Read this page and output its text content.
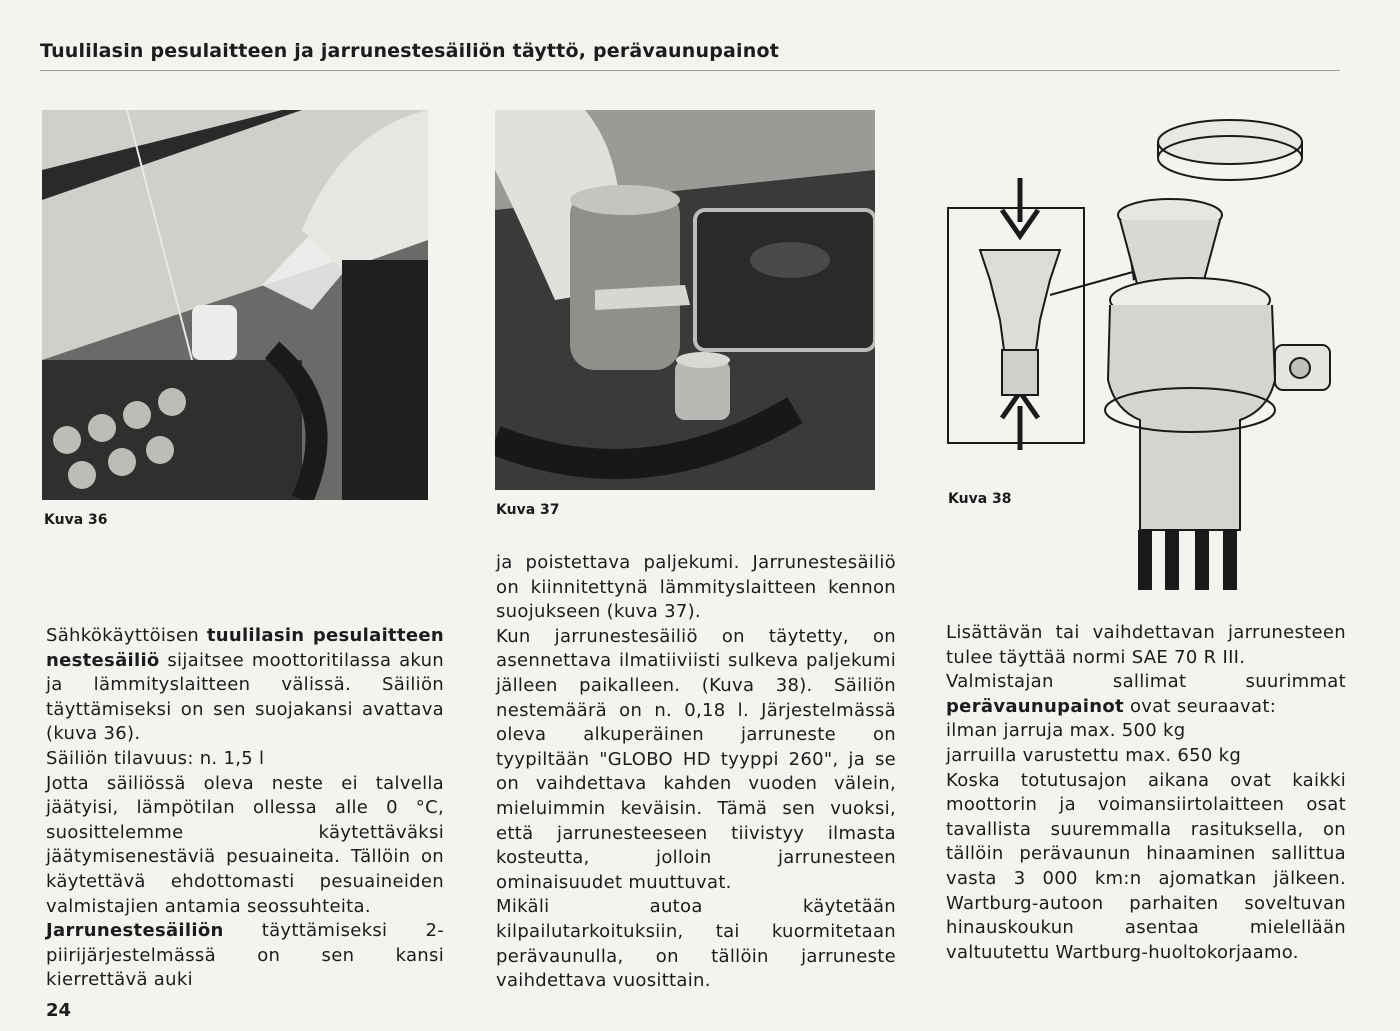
Tuulilasin pesulaitteen ja jarrunestesäiliön täyttö, perävaunupainot
Kuva 36
Kuva 37
Kuva 38

Sähkökäyttöisen tuulilasin pesulaitteen nestesäiliö sijaitsee moottoritilassa akun ja lämmityslaitteen välissä. Säiliön täyttämiseksi on sen suojakansi avattava (kuva 36).

Säiliön tilavuus: n. 1,5 l

Jotta säiliössä oleva neste ei talvella jäätyisi, lämpötilan ollessa alle 0 °C, suosittelemme käytettäväksi jäätymisenestäviä pesuaineita. Tällöin on käytettävä ehdottomasti pesuaineiden valmistajien antamia seossuhteita.

Jarrunestesäiliön täyttämiseksi 2-piirijärjestelmässä on sen kansi kierrettävä auki

ja poistettava paljekumi. Jarrunestesäiliö on kiinnitettynä lämmityslaitteen kennon suojukseen (kuva 37).

Kun jarrunestesäiliö on täytetty, on asennettava ilmatiiviisti sulkeva paljekumi jälleen paikalleen. (Kuva 38). Säiliön nestemäärä on n. 0,18 l. Järjestelmässä oleva alkuperäinen jarruneste on tyypiltään "GLOBO HD tyyppi 260", ja se on vaihdettava kahden vuoden välein, mieluimmin keväisin. Tämä sen vuoksi, että jarrunesteeseen tiivistyy ilmasta kosteutta, jolloin jarrunesteen ominaisuudet muuttuvat.

Mikäli autoa käytetään kilpailutarkoituksiin, tai kuormitetaan perävaunulla, on tällöin jarruneste vaihdettava vuosittain.

Lisättävän tai vaihdettavan jarrunesteen tulee täyttää normi SAE 70 R III.

Valmistajan sallimat suurimmat perävaunupainot ovat seuraavat:

ilman jarruja max. 500 kg

jarruilla varustettu max. 650 kg

Koska totutusajon aikana ovat kaikki moottorin ja voimansiirtolaitteen osat tavallista suuremmalla rasituksella, on tällöin perävaunun hinaaminen sallittua vasta 3 000 km:n ajomatkan jälkeen. Wartburg-autoon parhaiten soveltuvan hinauskoukun asentaa mielellään valtuutettu Wartburg-huoltokorjaamo.

24
